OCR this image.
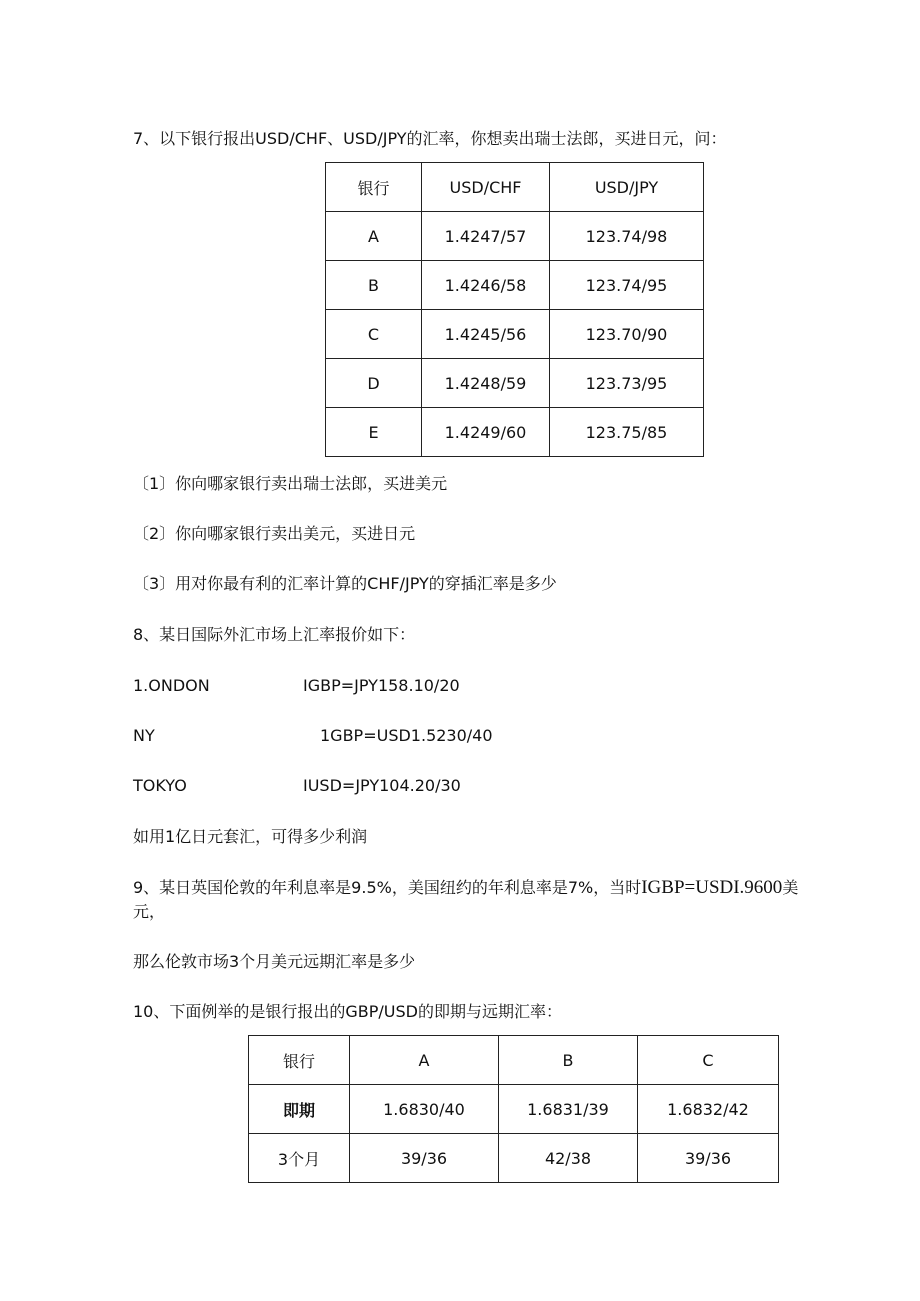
7、以下银行报出USD/CHF、USD/JPY的汇率，你想卖出瑞士法郎，买进日元，问：
银行	USD/CHF	USD/JPY
A	1.4247/57	123.74/98
B	1.4246/58	123.74/95
C	1.4245/56	123.70/90
D	1.4248/59	123.73/95
E	1.4249/60	123.75/85
〔1〕你向哪家银行卖出瑞士法郎，买进美元
〔2〕你向哪家银行卖出美元，买进日元
〔3〕用对你最有利的汇率计算的CHF/JPY的穿插汇率是多少
8、某日国际外汇市场上汇率报价如下：
1.ONDON	IGBP=JPY158.10/20
NY	1GBP=USD1.5230/40
TOKYO	IUSD=JPY104.20/30
如用1亿日元套汇，可得多少利润
9、某日英国伦敦的年利息率是9.5%，美国纽约的年利息率是7%，当时IGBP=USDI.9600美
元，
那么伦敦市场3个月美元远期汇率是多少
10、下面例举的是银行报出的GBP/USD的即期与远期汇率：
银行	A	B	C
即期	1.6830/40	1.6831/39	1.6832/42
3个月	39/36	42/38	39/36
